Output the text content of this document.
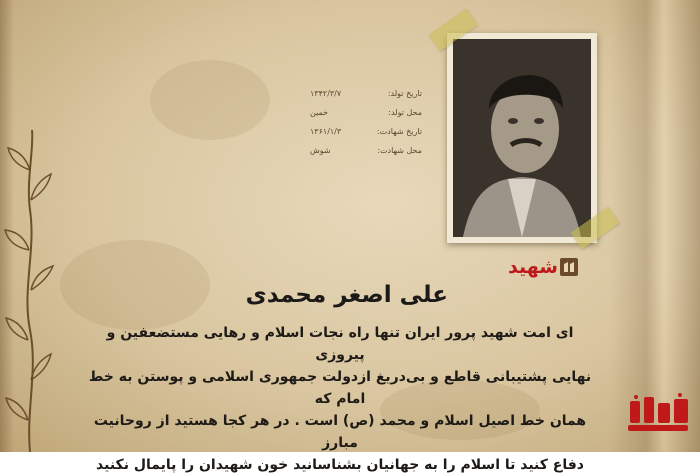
تاریخ تولد:
۱۳۴۲/۳/۷
محل تولد:
خمین
تاریخ شهادت:
۱۳۶۱/۱/۳
محل شهادت:
شوش
شهید
علی اصغر محمدی
ای امت شهید پرور ایران تنها راه نجات اسلام و رهایی مستضعفین و پیروزی
نهایی پشتیبانی قاطع و بی‌دریغ ازدولت جمهوری اسلامی و پوستن به خط امام که
همان خط اصیل اسلام و محمد (ص) است . در هر کجا هستید از روحانیت مبارز
دفاع کنید تا اسلام را به جهانیان بشناسانید خون شهیدان را پایمال نکنید
